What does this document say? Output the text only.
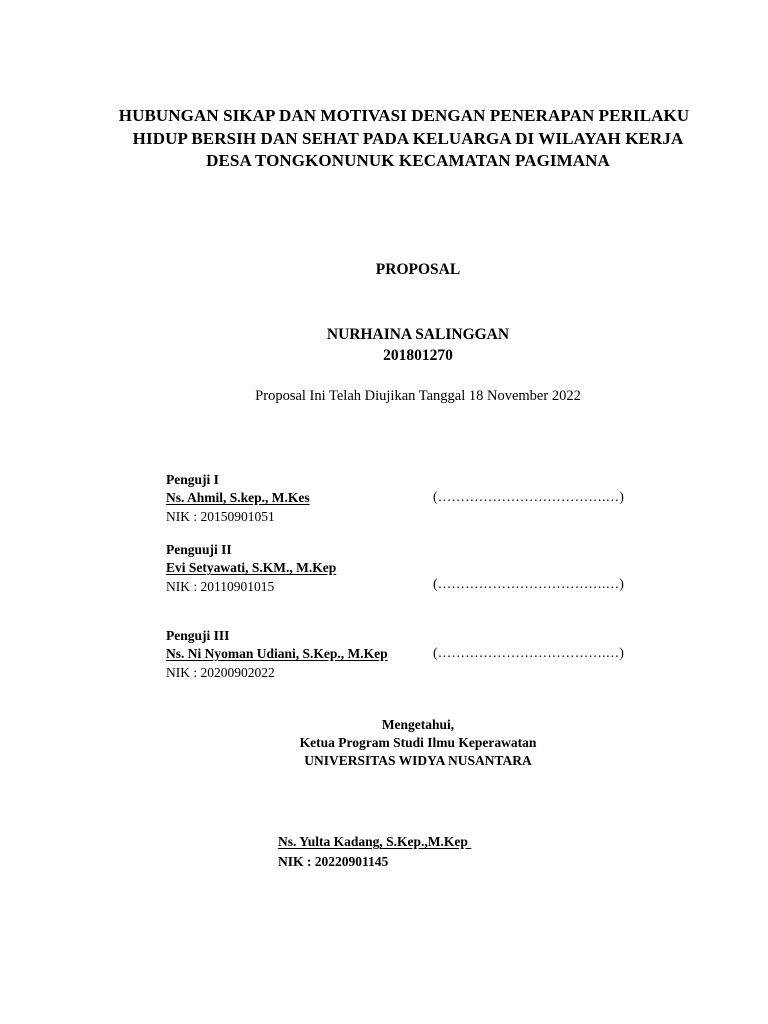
HUBUNGAN SIKAP DAN MOTIVASI DENGAN PENERAPAN PERILAKU
HIDUP BERSIH DAN SEHAT PADA KELUARGA DI WILAYAH KERJA
DESA TONGKONUNUK KECAMATAN PAGIMANA
PROPOSAL
NURHAINA SALINGGAN
201801270
Proposal Ini Telah Diujikan Tanggal 18 November 2022
Penguji I
Ns. Ahmil, S.kep., M.Kes
NIK : 20150901051
(……………………………….…)
Penguuji II
Evi Setyawati, S.KM., M.Kep
NIK : 20110901015	(……………………………….…)
Penguji III
Ns. Ni Nyoman Udiani, S.Kep., M.Kep
NIK : 20200902022
(……………………………….…)
Mengetahui,
Ketua Program Studi Ilmu Keperawatan
UNIVERSITAS WIDYA NUSANTARA
Ns. Yulta Kadang, S.Kep.,M.Kep
NIK : 20220901145
